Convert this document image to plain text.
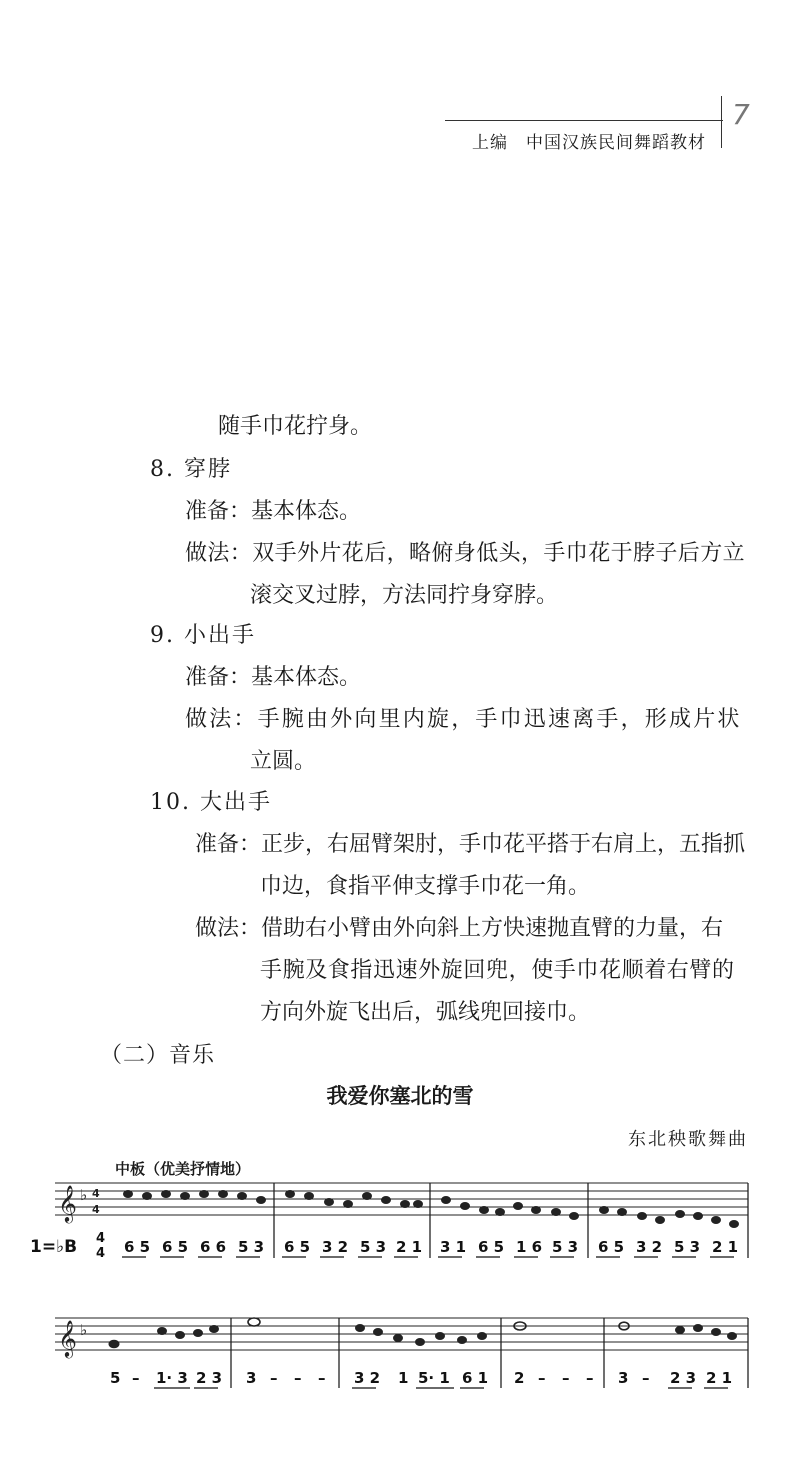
上编　中国汉族民间舞蹈教材
7
随手巾花拧身。
8. 穿脖
准备：基本体态。
做法：双手外片花后，略俯身低头，手巾花于脖子后方立
滚交叉过脖，方法同拧身穿脖。
9. 小出手
准备：基本体态。
做法：手腕由外向里内旋，手巾迅速离手，形成片状
立圆。
10. 大出手
准备：正步，右屈臂架肘，手巾花平搭于右肩上，五指抓
巾边，食指平伸支撑手巾花一角。
做法：借助右小臂由外向斜上方快速抛直臂的力量，右
手腕及食指迅速外旋回兜，使手巾花顺着右臂的
方向外旋飞出后，弧线兜回接巾。
（二）音乐
我爱你塞北的雪
东北秧歌舞曲
中板（优美抒情地）
𝄞 ♭ 4
4
1=♭B 4
4 6 5 6 5 6 6 5 3 6 5 3 2 5 3 2 1 3 1 6 5 1 6 5 3 6 5 3 2 5 3 2 1
𝄞 ♭
5 – 1· 3 2 3 3 – – – 3 2 1 5· 1 6 1 2 – – – 3 – 2 3 2 1
